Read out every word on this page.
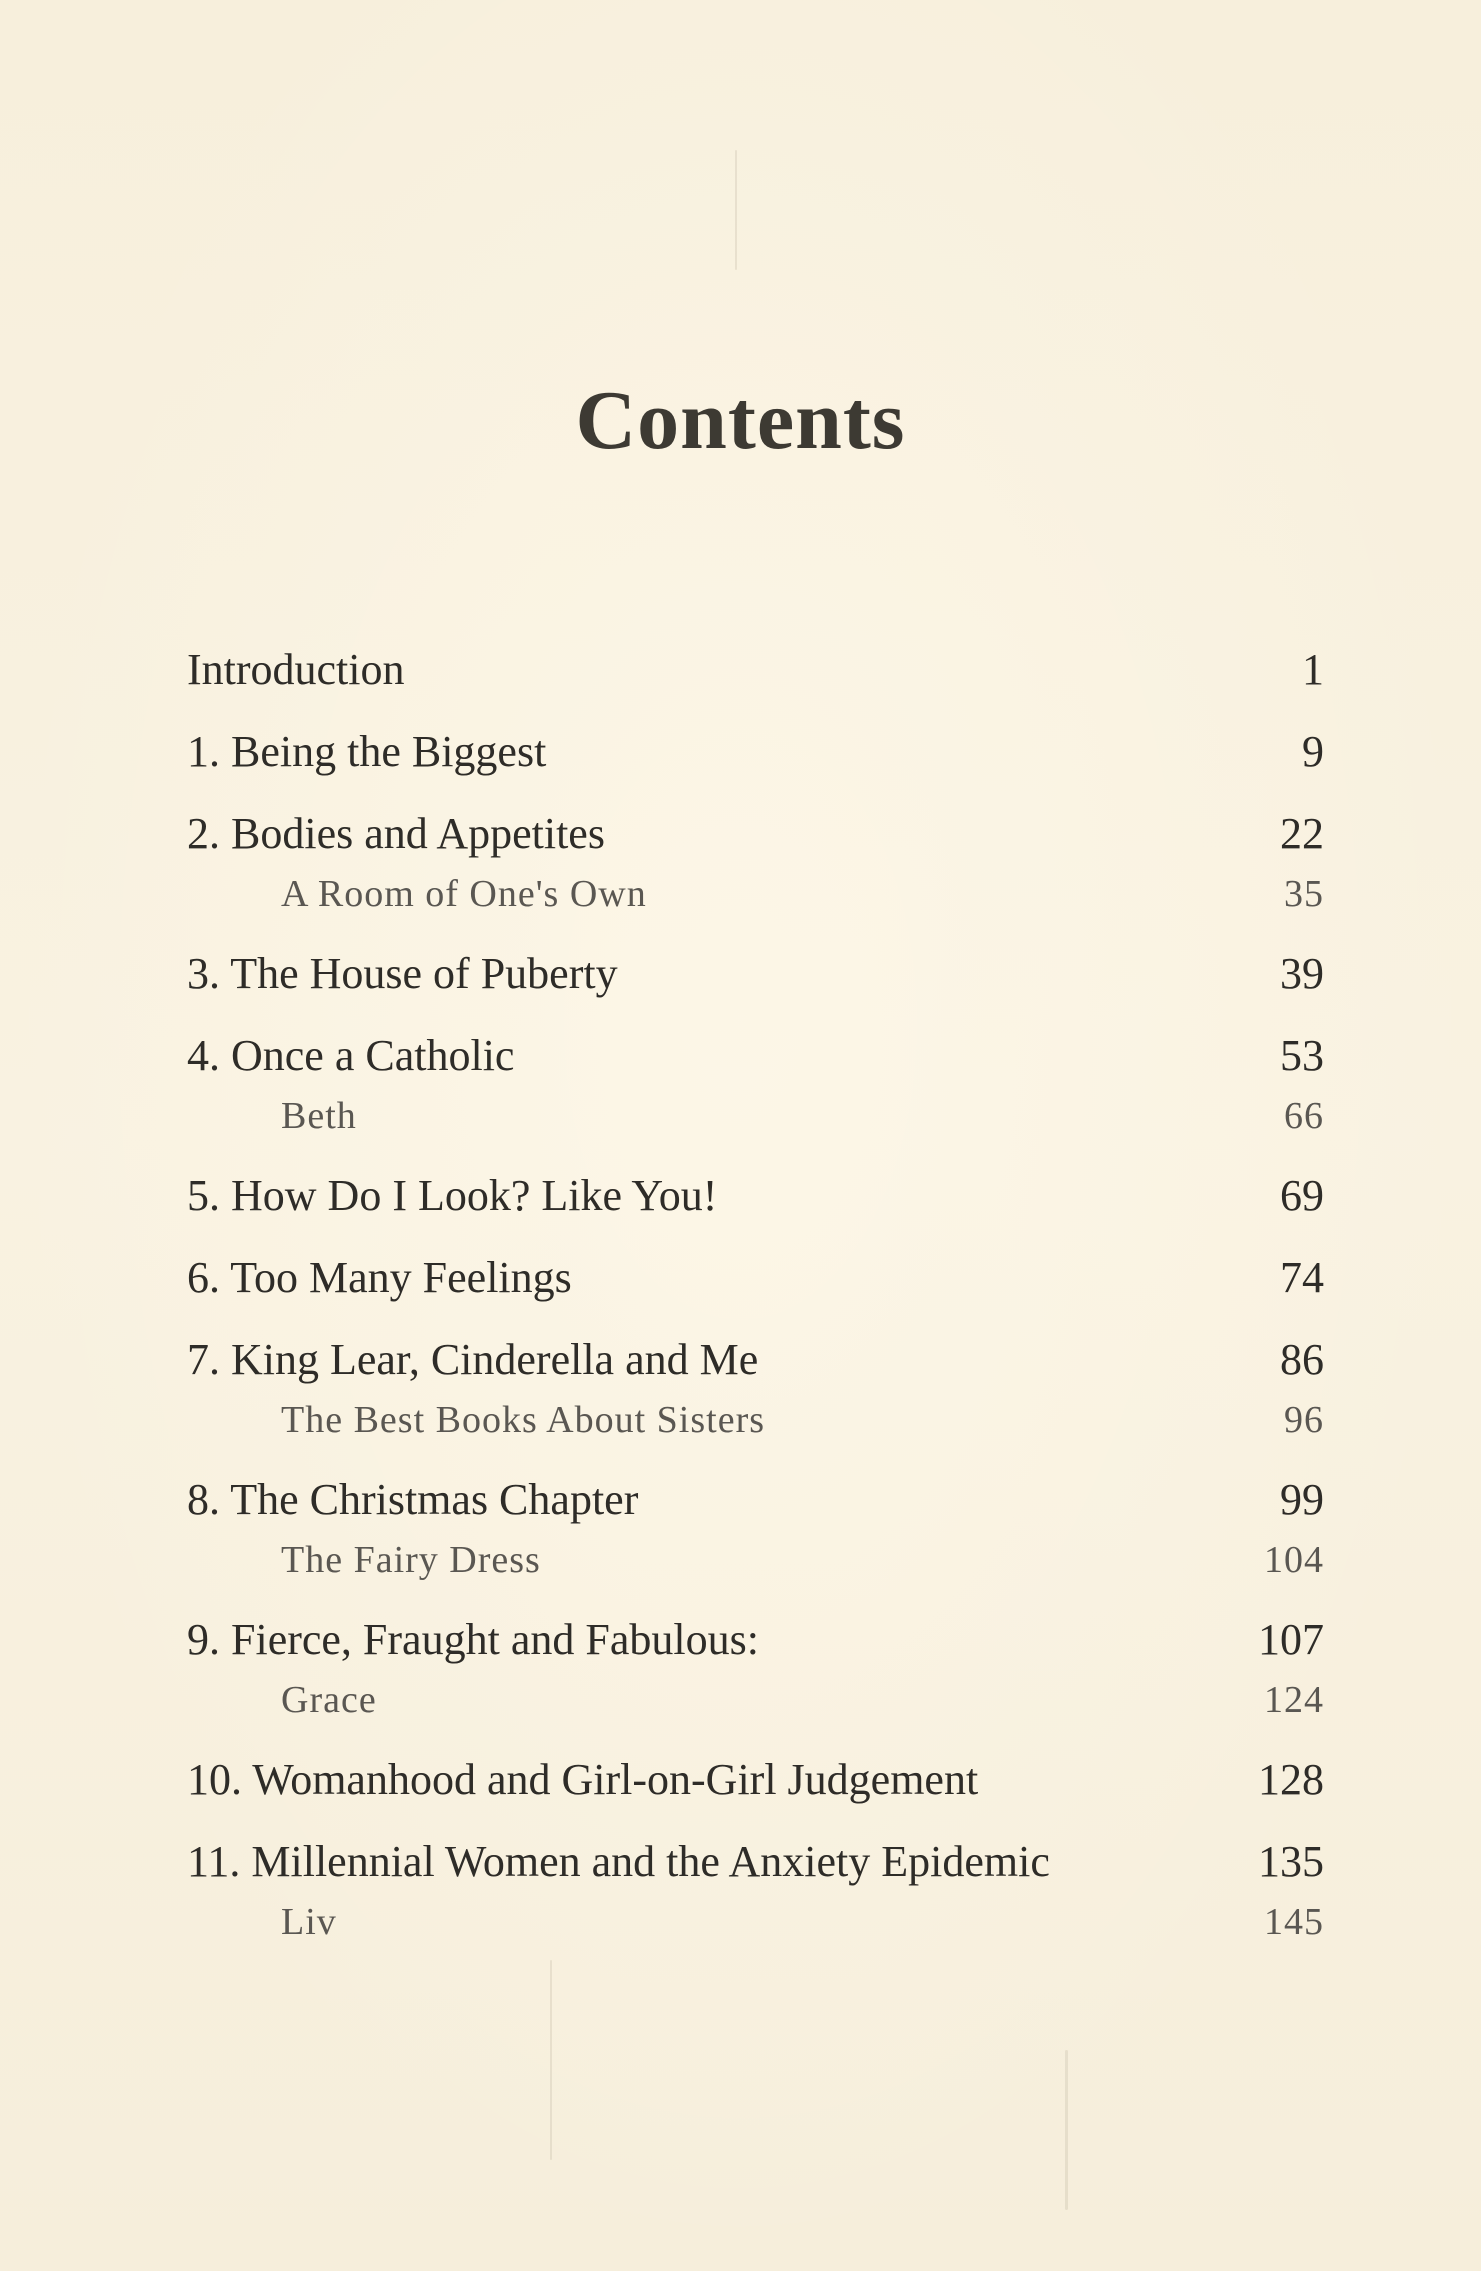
Contents
Introduction	1
1. Being the Biggest	9
2. Bodies and Appetites	22
A Room of One's Own	35
3. The House of Puberty	39
4. Once a Catholic	53
Beth	66
5. How Do I Look? Like You!	69
6. Too Many Feelings	74
7. King Lear, Cinderella and Me	86
The Best Books About Sisters	96
8. The Christmas Chapter	99
The Fairy Dress	104
9. Fierce, Fraught and Fabulous:	107
Grace	124
10. Womanhood and Girl-on-Girl Judgement	128
11. Millennial Women and the Anxiety Epidemic	135
Liv	145
